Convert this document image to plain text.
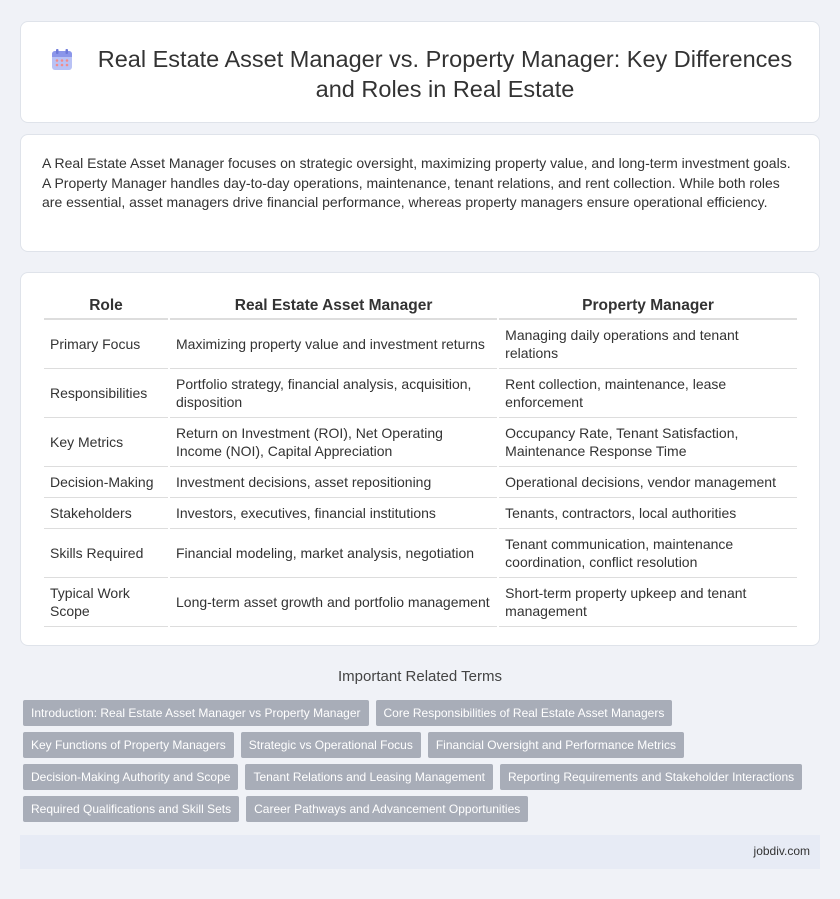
Real Estate Asset Manager vs. Property Manager: Key Differences and Roles in Real Estate

A Real Estate Asset Manager focuses on strategic oversight, maximizing property value, and long-term investment goals. A Property Manager handles day-to-day operations, maintenance, tenant relations, and rent collection. While both roles are essential, asset managers drive financial performance, whereas property managers ensure operational efficiency.

Role	Real Estate Asset Manager	Property Manager
Primary Focus	Maximizing property value and investment returns	Managing daily operations and tenant relations
Responsibilities	Portfolio strategy, financial analysis, acquisition, disposition	Rent collection, maintenance, lease enforcement
Key Metrics	Return on Investment (ROI), Net Operating Income (NOI), Capital Appreciation	Occupancy Rate, Tenant Satisfaction, Maintenance Response Time
Decision-Making	Investment decisions, asset repositioning	Operational decisions, vendor management
Stakeholders	Investors, executives, financial institutions	Tenants, contractors, local authorities
Skills Required	Financial modeling, market analysis, negotiation	Tenant communication, maintenance coordination, conflict resolution
Typical Work Scope	Long-term asset growth and portfolio management	Short-term property upkeep and tenant management
Important Related Terms
Introduction: Real Estate Asset Manager vs Property Manager	Core Responsibilities of Real Estate Asset Managers
Key Functions of Property Managers	Strategic vs Operational Focus	Financial Oversight and Performance Metrics
Decision-Making Authority and Scope	Tenant Relations and Leasing Management	Reporting Requirements and Stakeholder Interactions
Required Qualifications and Skill Sets	Career Pathways and Advancement Opportunities
jobdiv.com
